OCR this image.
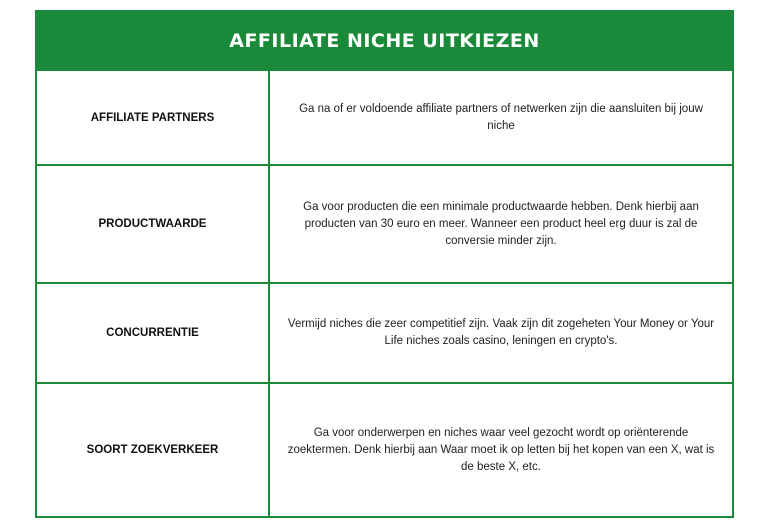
AFFILIATE NICHE UITKIEZEN
AFFILIATE PARTNERS
Ga na of er voldoende affiliate partners of netwerken zijn die aansluiten bij jouw niche
PRODUCTWAARDE
Ga voor producten die een minimale productwaarde hebben. Denk hierbij aan producten van 30 euro en meer. Wanneer een product heel erg duur is zal de conversie minder zijn.
CONCURRENTIE
Vermijd niches die zeer competitief zijn. Vaak zijn dit zogeheten Your Money or Your Life niches zoals casino, leningen en crypto's.
SOORT ZOEKVERKEER
Ga voor onderwerpen en niches waar veel gezocht wordt op oriënterende zoektermen. Denk hierbij aan Waar moet ik op letten bij het kopen van een X, wat is de beste X, etc.
